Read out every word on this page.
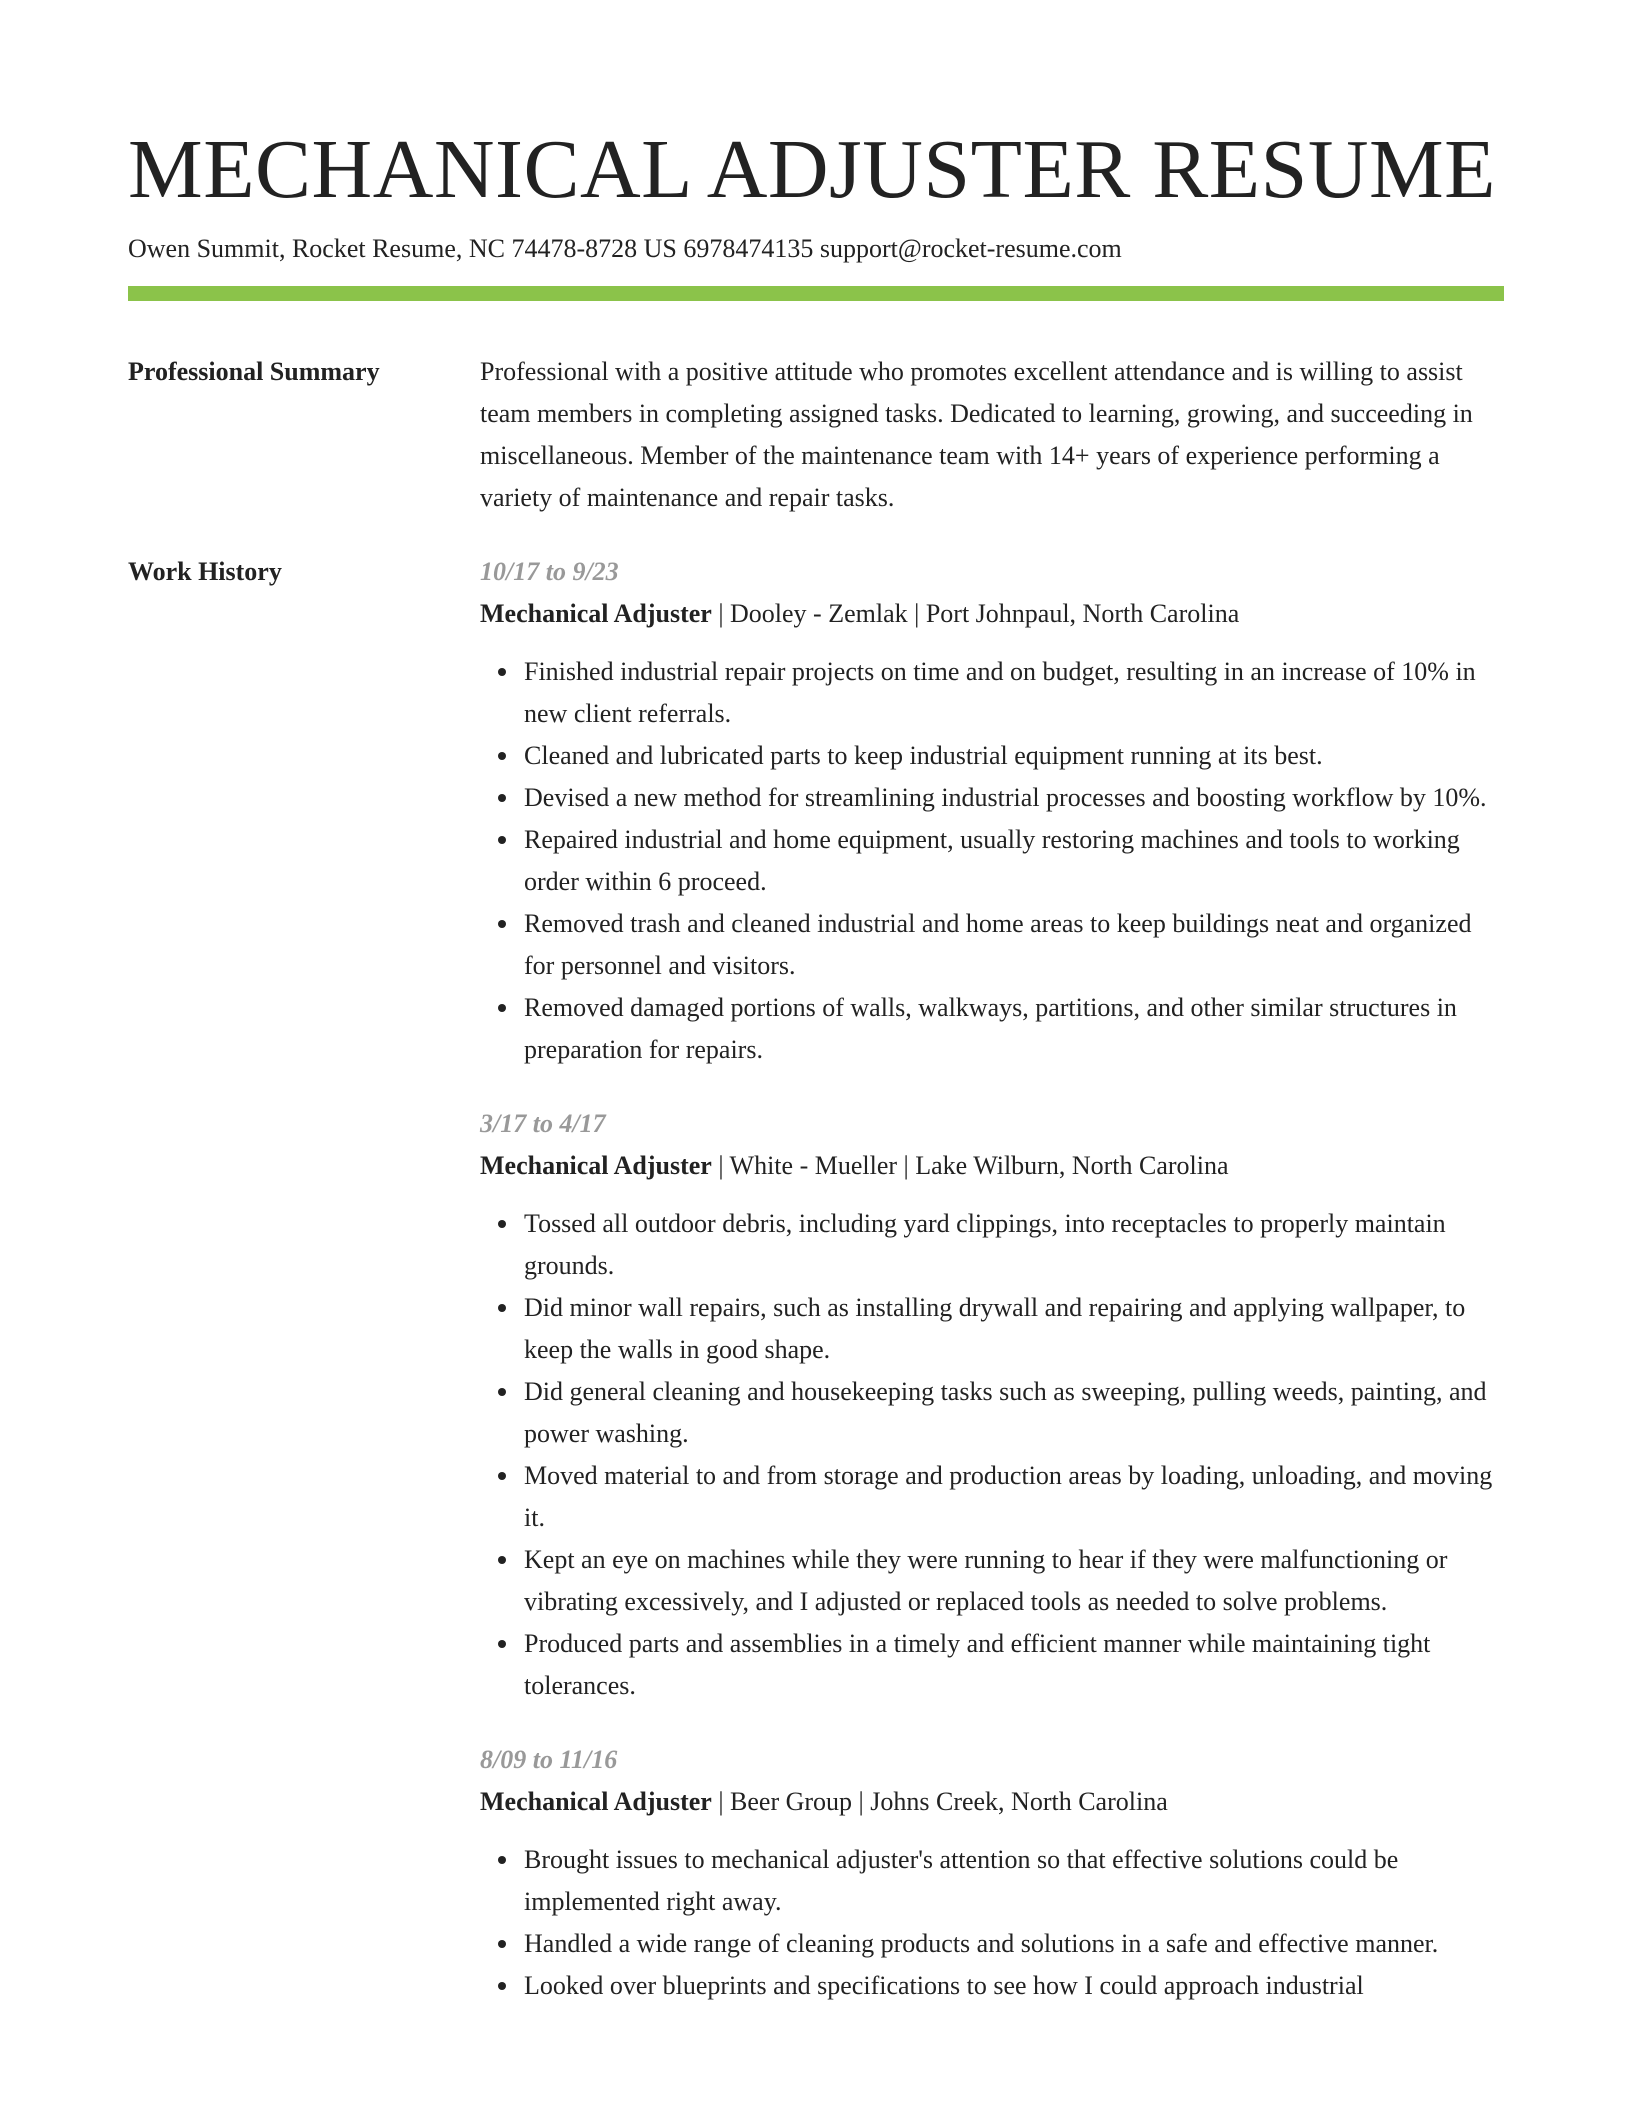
MECHANICAL ADJUSTER RESUME
Owen Summit, Rocket Resume, NC 74478-8728 US 6978474135 support@rocket-resume.com
Professional Summary	Professional with a positive attitude who promotes excellent attendance and is willing to assist team members in completing assigned tasks. Dedicated to learning, growing, and succeeding in miscellaneous. Member of the maintenance team with 14+ years of experience performing a variety of maintenance and repair tasks.

Work History	10/17 to 9/23
Mechanical Adjuster | Dooley - Zemlak | Port Johnpaul, North Carolina
Finished industrial repair projects on time and on budget, resulting in an increase of 10% in new client referrals.
Cleaned and lubricated parts to keep industrial equipment running at its best.
Devised a new method for streamlining industrial processes and boosting workflow by 10%.
Repaired industrial and home equipment, usually restoring machines and tools to working order within 6 proceed.
Removed trash and cleaned industrial and home areas to keep buildings neat and organized for personnel and visitors.
Removed damaged portions of walls, walkways, partitions, and other similar structures in preparation for repairs.
3/17 to 4/17
Mechanical Adjuster | White - Mueller | Lake Wilburn, North Carolina
Tossed all outdoor debris, including yard clippings, into receptacles to properly maintain grounds.
Did minor wall repairs, such as installing drywall and repairing and applying wallpaper, to keep the walls in good shape.
Did general cleaning and housekeeping tasks such as sweeping, pulling weeds, painting, and power washing.
Moved material to and from storage and production areas by loading, unloading, and moving it.
Kept an eye on machines while they were running to hear if they were malfunctioning or vibrating excessively, and I adjusted or replaced tools as needed to solve problems.
Produced parts and assemblies in a timely and efficient manner while maintaining tight tolerances.
8/09 to 11/16
Mechanical Adjuster | Beer Group | Johns Creek, North Carolina
Brought issues to mechanical adjuster's attention so that effective solutions could be implemented right away.
Handled a wide range of cleaning products and solutions in a safe and effective manner.
Looked over blueprints and specifications to see how I could approach industrial
